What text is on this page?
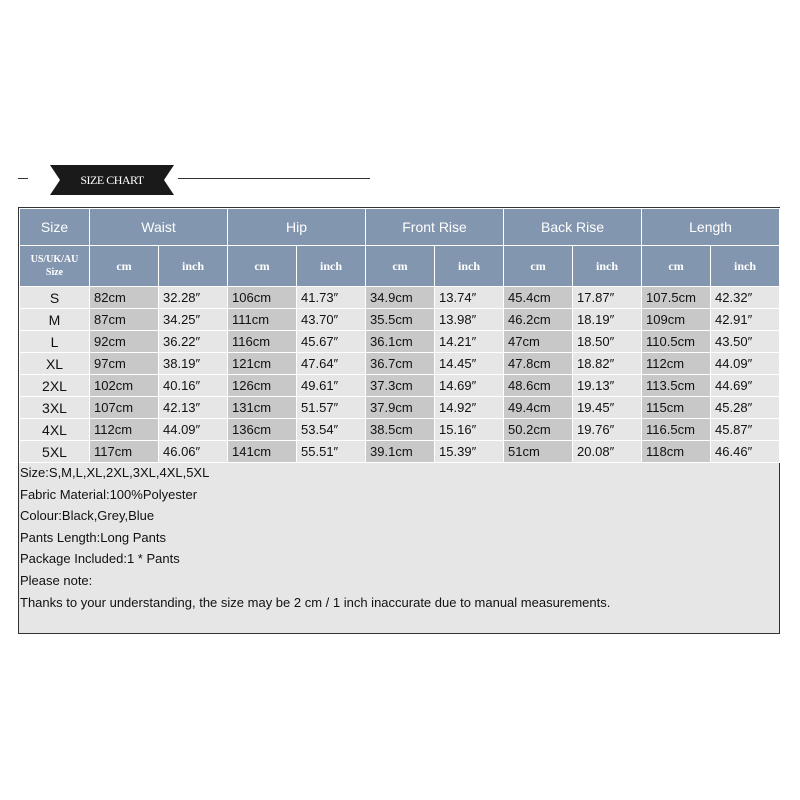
SIZE CHART
Size	Waist		Hip		Front Rise		Back Rise		Length	
US/UK/AU
Size	cm	inch	cm	inch	cm	inch	cm	inch	cm	inch
S	82cm	32.28″	106cm	41.73″	34.9cm	13.74″	45.4cm	17.87″	107.5cm	42.32″
M	87cm	34.25″	111cm	43.70″	35.5cm	13.98″	46.2cm	18.19″	109cm	42.91″
L	92cm	36.22″	116cm	45.67″	36.1cm	14.21″	47cm	18.50″	110.5cm	43.50″
XL	97cm	38.19″	121cm	47.64″	36.7cm	14.45″	47.8cm	18.82″	112cm	44.09″
2XL	102cm	40.16″	126cm	49.61″	37.3cm	14.69″	48.6cm	19.13″	113.5cm	44.69″
3XL	107cm	42.13″	131cm	51.57″	37.9cm	14.92″	49.4cm	19.45″	115cm	45.28″
4XL	112cm	44.09″	136cm	53.54″	38.5cm	15.16″	50.2cm	19.76″	116.5cm	45.87″
5XL	117cm	46.06″	141cm	55.51″	39.1cm	15.39″	51cm	20.08″	118cm	46.46″
Size:S,M,L,XL,2XL,3XL,4XL,5XL
Fabric Material:100%Polyester
Colour:Black,Grey,Blue
Pants Length:Long Pants
Package Included:1 * Pants
Please note:
Thanks to your understanding, the size may be 2 cm / 1 inch inaccurate due to manual measurements.
